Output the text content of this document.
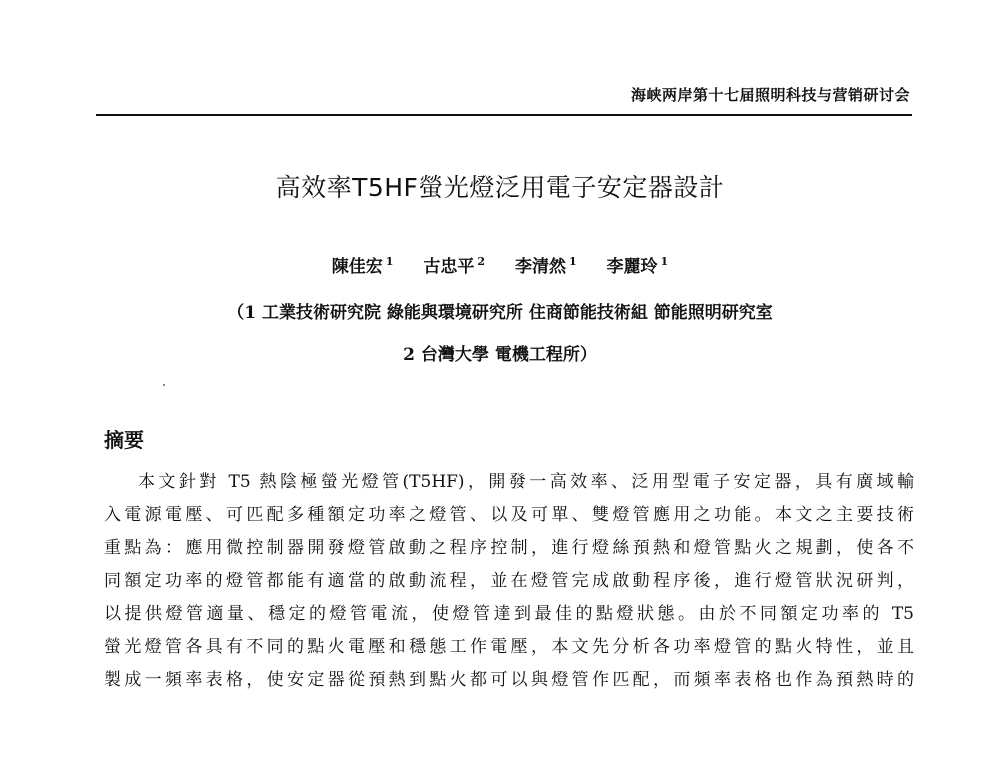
海峡两岸第十七届照明科技与营销研讨会
高效率T5HF螢光燈泛用電子安定器設計
陳佳宏 $^1$ 古忠平 $^2$ 李清然 $^1$ 李麗玲 $^1$
（1 工業技術研究院 綠能與環境研究所 住商節能技術組 節能照明研究室
2 台灣大學 電機工程所）
摘要
本文針對 T5 熱陰極螢光燈管(T5HF)，開發一高效率、泛用型電子安定器，具有廣域輸
入電源電壓、可匹配多種額定功率之燈管、以及可單、雙燈管應用之功能。本文之主要技術
重點為：應用微控制器開發燈管啟動之程序控制，進行燈絲預熱和燈管點火之規劃，使各不
同額定功率的燈管都能有適當的啟動流程，並在燈管完成啟動程序後，進行燈管狀況研判，
以提供燈管適量、穩定的燈管電流，使燈管達到最佳的點燈狀態。由於不同額定功率的 T5
螢光燈管各具有不同的點火電壓和穩態工作電壓，本文先分析各功率燈管的點火特性，並且
製成一頻率表格，使安定器從預熱到點火都可以與燈管作匹配，而頻率表格也作為預熱時的
